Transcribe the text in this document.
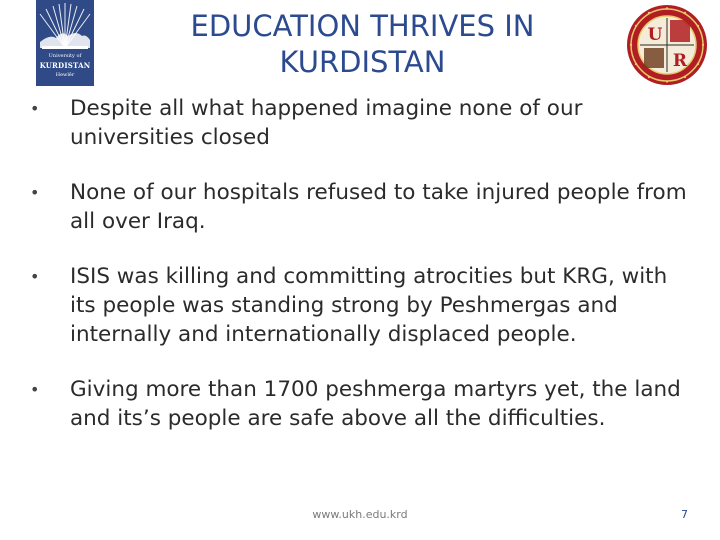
University of
KURDISTAN
Hewlêr
EDUCATION THRIVES IN KURDISTAN
U
R
•	Despite all what happened imagine none of our universities closed
•	None of our hospitals refused to take injured people from all over Iraq.
•	ISIS was killing and committing atrocities but KRG, with its people was standing strong by Peshmergas and internally and internationally displaced people.
•	Giving more than 1700 peshmerga martyrs yet, the land and its’s people are safe above all the difficulties.
www.ukh.edu.krd	7
